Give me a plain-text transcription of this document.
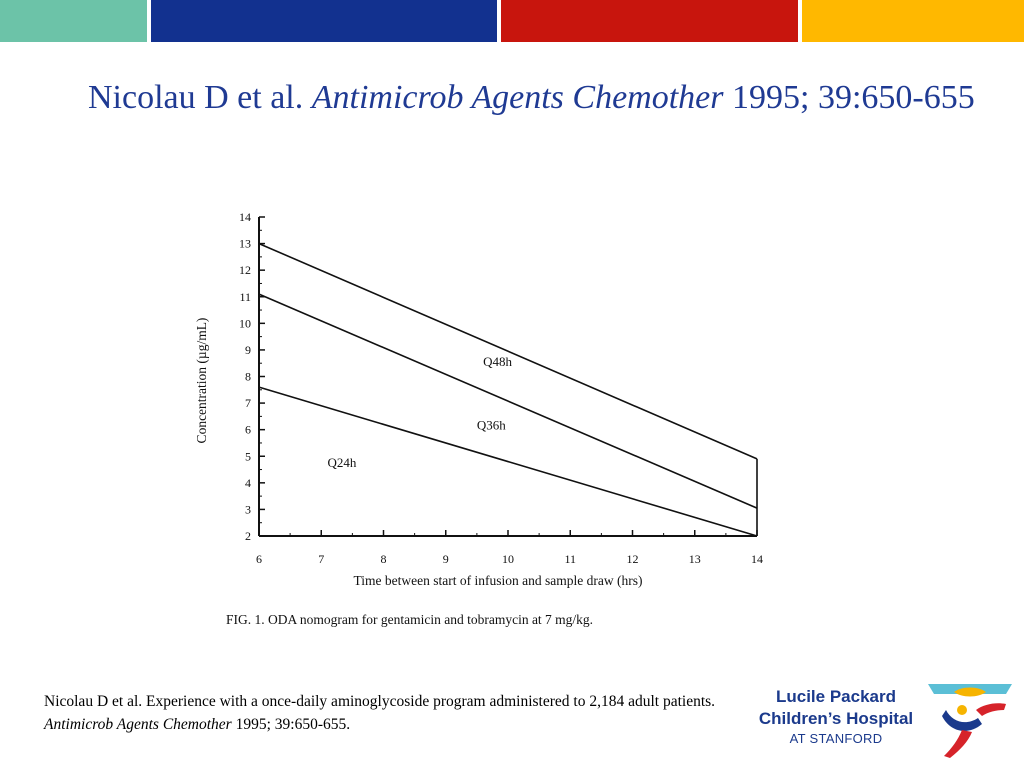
Nicolau D et al. Antimicrob Agents Chemother 1995; 39:650-655
2
3
4
5
6
7
8
9
10
11
12
13
14
6	7	8	9	10	11	12	13	14
Q48h
Q36h
Q24h
Time between start of infusion and sample draw (hrs)
Concentration (µg/mL)
FIG. 1. ODA nomogram for gentamicin and tobramycin at 7 mg/kg.
Nicolau D et al. Experience with a once-daily aminoglycoside program administered to 2,184 adult patients. Antimicrob Agents Chemother 1995; 39:650-655.
Lucile Packard
Children’s Hospital
AT STANFORD
